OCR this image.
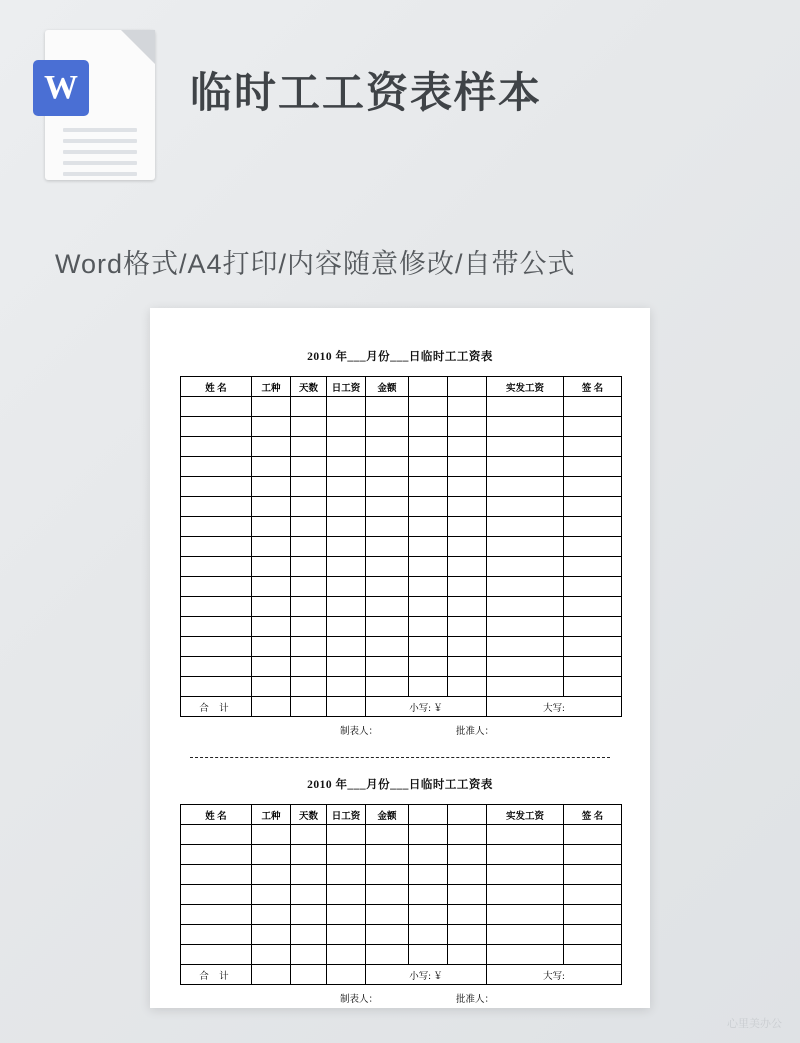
W	临时工工资表样本
Word格式/A4打印/内容随意修改/自带公式
2010 年___月份___日临时工工资表
姓 名	工种	天数	日工资	金额			实发工资	签 名

合 计				小写: ￥			大写:	
制表人：	批准人：
2010 年___月份___日临时工工资表
姓 名	工种	天数	日工资	金额			实发工资	签 名

合 计				小写: ￥			大写:	
制表人：	批准人：
心里美办公
